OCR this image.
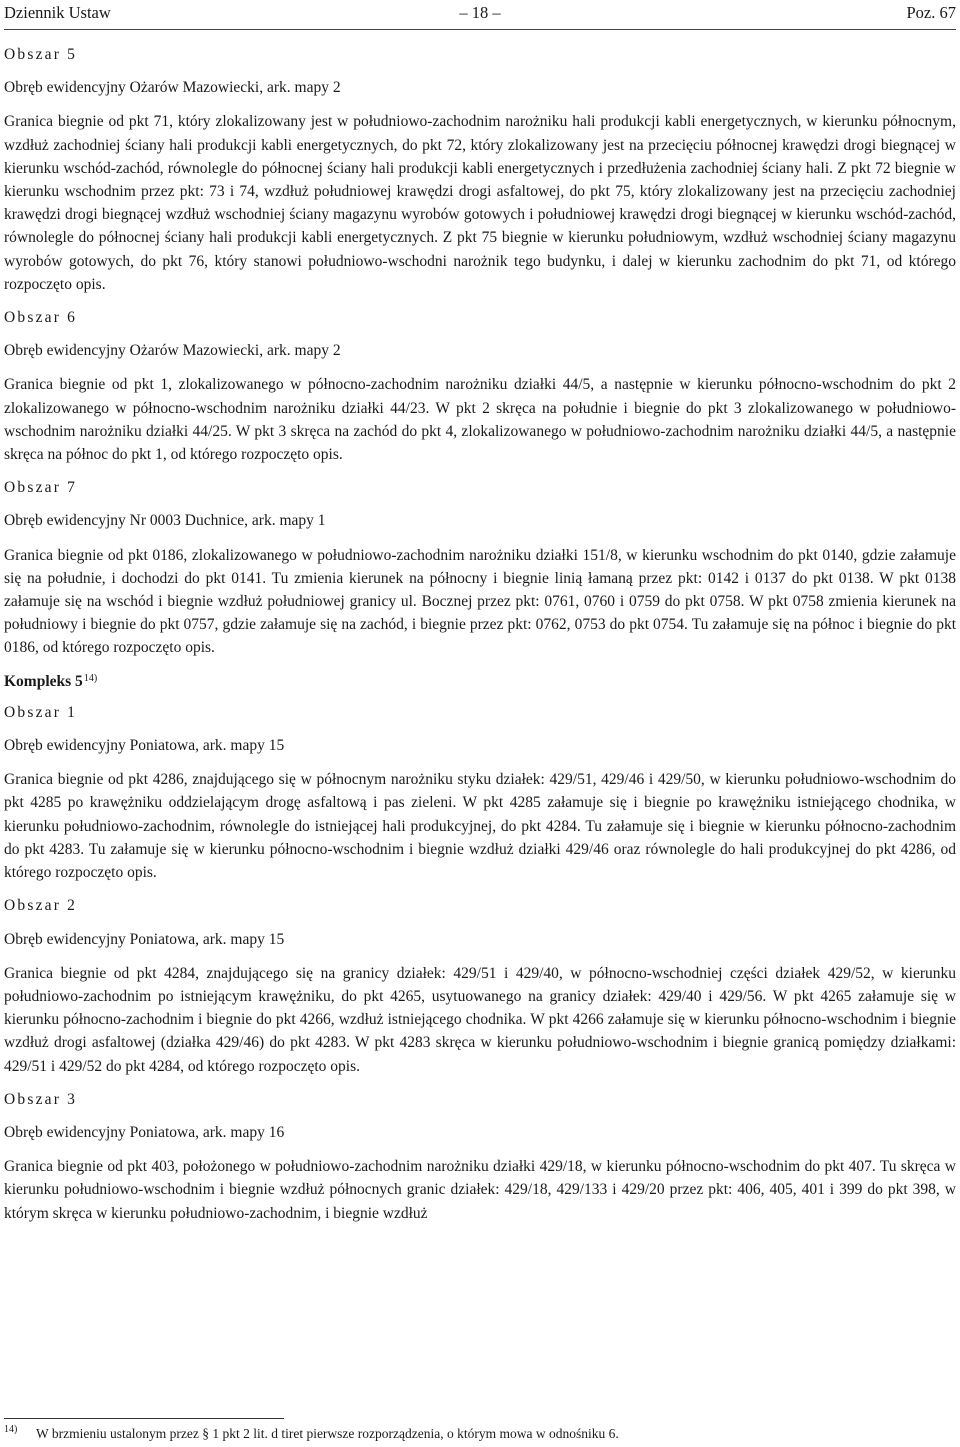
Dziennik Ustaw	– 18 –	Poz. 67

Obszar 5

Obręb ewidencyjny Ożarów Mazowiecki, ark. mapy 2

Granica biegnie od pkt 71, który zlokalizowany jest w południowo-zachodnim narożniku hali produkcji kabli energetycznych, w kierunku północnym, wzdłuż zachodniej ściany hali produkcji kabli energetycznych, do pkt 72, który zlokalizowany jest na przecięciu północnej krawędzi drogi biegnącej w kierunku wschód-zachód, równolegle do północnej ściany hali produkcji kabli energetycznych i przedłużenia zachodniej ściany hali. Z pkt 72 biegnie w kierunku wschodnim przez pkt: 73 i 74, wzdłuż południowej krawędzi drogi asfaltowej, do pkt 75, który zlokalizowany jest na przecięciu zachodniej krawędzi drogi biegnącej wzdłuż wschodniej ściany magazynu wyrobów gotowych i południowej krawędzi drogi biegnącej w kierunku wschód-zachód, równolegle do północnej ściany hali produkcji kabli energetycznych. Z pkt 75 biegnie w kierunku południowym, wzdłuż wschodniej ściany magazynu wyrobów gotowych, do pkt 76, który stanowi południowo-wschodni narożnik tego budynku, i dalej w kierunku zachodnim do pkt 71, od którego rozpoczęto opis.

Obszar 6

Obręb ewidencyjny Ożarów Mazowiecki, ark. mapy 2

Granica biegnie od pkt 1, zlokalizowanego w północno-zachodnim narożniku działki 44/5, a następnie w kierunku północno-wschodnim do pkt 2 zlokalizowanego w północno-wschodnim narożniku działki 44/23. W pkt 2 skręca na południe i biegnie do pkt 3 zlokalizowanego w południowo-wschodnim narożniku działki 44/25. W pkt 3 skręca na zachód do pkt 4, zlokalizowanego w południowo-zachodnim narożniku działki 44/5, a następnie skręca na północ do pkt 1, od którego rozpoczęto opis.

Obszar 7

Obręb ewidencyjny Nr 0003 Duchnice, ark. mapy 1

Granica biegnie od pkt 0186, zlokalizowanego w południowo-zachodnim narożniku działki 151/8, w kierunku wschodnim do pkt 0140, gdzie załamuje się na południe, i dochodzi do pkt 0141. Tu zmienia kierunek na północny i biegnie linią łamaną przez pkt: 0142 i 0137 do pkt 0138. W pkt 0138 załamuje się na wschód i biegnie wzdłuż południowej granicy ul. Bocznej przez pkt: 0761, 0760 i 0759 do pkt 0758. W pkt 0758 zmienia kierunek na południowy i biegnie do pkt 0757, gdzie załamuje się na zachód, i biegnie przez pkt: 0762, 0753 do pkt 0754. Tu załamuje się na północ i biegnie do pkt 0186, od którego rozpoczęto opis.

Kompleks 5$^{14)}$

Obszar 1

Obręb ewidencyjny Poniatowa, ark. mapy 15

Granica biegnie od pkt 4286, znajdującego się w północnym narożniku styku działek: 429/51, 429/46 i 429/50, w kierunku południowo-wschodnim do pkt 4285 po krawężniku oddzielającym drogę asfaltową i pas zieleni. W pkt 4285 załamuje się i biegnie po krawężniku istniejącego chodnika, w kierunku południowo-zachodnim, równolegle do istniejącej hali produkcyjnej, do pkt 4284. Tu załamuje się i biegnie w kierunku północno-zachodnim do pkt 4283. Tu załamuje się w kierunku północno-wschodnim i biegnie wzdłuż działki 429/46 oraz równolegle do hali produkcyjnej do pkt 4286, od którego rozpoczęto opis.

Obszar 2

Obręb ewidencyjny Poniatowa, ark. mapy 15

Granica biegnie od pkt 4284, znajdującego się na granicy działek: 429/51 i 429/40, w północno-wschodniej części działek 429/52, w kierunku południowo-zachodnim po istniejącym krawężniku, do pkt 4265, usytuowanego na granicy działek: 429/40 i 429/56. W pkt 4265 załamuje się w kierunku północno-zachodnim i biegnie do pkt 4266, wzdłuż istniejącego chodnika. W pkt 4266 załamuje się w kierunku północno-wschodnim i biegnie wzdłuż drogi asfaltowej (działka 429/46) do pkt 4283. W pkt 4283 skręca w kierunku południowo-wschodnim i biegnie granicą pomiędzy działkami: 429/51 i 429/52 do pkt 4284, od którego rozpoczęto opis.

Obszar 3

Obręb ewidencyjny Poniatowa, ark. mapy 16

Granica biegnie od pkt 403, położonego w południowo-zachodnim narożniku działki 429/18, w kierunku północno-wschodnim do pkt 407. Tu skręca w kierunku południowo-wschodnim i biegnie wzdłuż północnych granic działek: 429/18, 429/133 i 429/20 przez pkt: 406, 405, 401 i 399 do pkt 398, w którym skręca w kierunku południowo-zachodnim, i biegnie wzdłuż

14) W brzmieniu ustalonym przez § 1 pkt 2 lit. d tiret pierwsze rozporządzenia, o którym mowa w odnośniku 6.
